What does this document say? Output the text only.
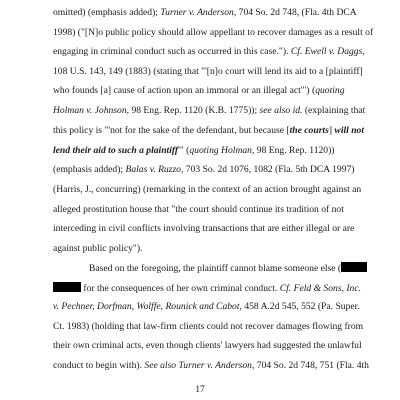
omitted) (emphasis added); Turner v. Anderson, 704 So. 2d 748, (Fla. 4th DCA
1998) ("[N]o public policy should allow appellant to recover damages as a result of
engaging in criminal conduct such as occurred in this case."). Cf. Ewell v. Daggs,
108 U.S. 143, 149 (1883) (stating that "'[n]o court will lend its aid to a [plaintiff]
who founds [a] cause of action upon an immoral or an illegal act'") (quoting
Holman v. Johnson, 98 Eng. Rep. 1120 (K.B. 1775)); see also id. (explaining that
this policy is "'not for the sake of the defendant, but because [the courts] will not
lend their aid to such a plaintiff'" (quoting Holman, 98 Eng. Rep. 1120))
(emphasis added); Balas v. Ruzzo, 703 So. 2d 1076, 1082 (Fla. 5th DCA 1997)
(Harris, J., concurring) (remarking in the context of an action brought against an
alleged prostitution house that "the court should continue its tradition of not
interceding in civil conflicts involving transactions that are either illegal or are
against public policy").
Based on the foregoing, the plaintiff cannot blame someone else (
for the consequences of her own criminal conduct. Cf. Feld & Sons, Inc.
v. Pechner, Dorfman, Wolffe, Rounick and Cabot, 458 A.2d 545, 552 (Pa. Super.
Ct. 1983) (holding that law-firm clients could not recover damages flowing from
their own criminal acts, even though clients' lawyers had suggested the unlawful
conduct to begin with). See also Turner v. Anderson, 704 So. 2d 748, 751 (Fla. 4th
17
